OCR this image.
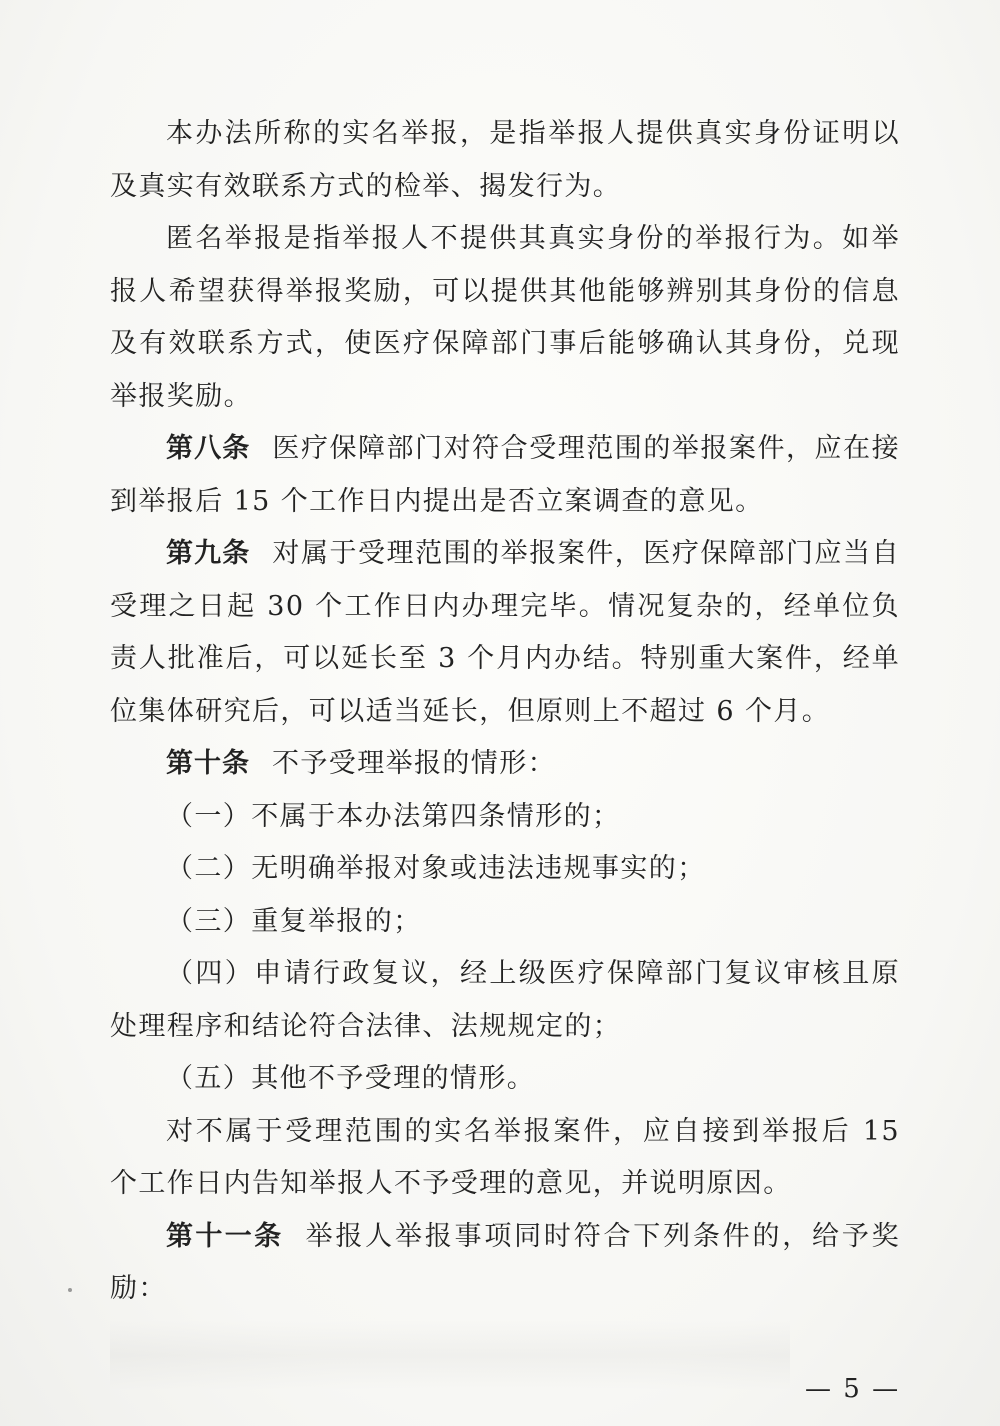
本办法所称的实名举报，是指举报人提供真实身份证明以及真实有效联系方式的检举、揭发行为。

匿名举报是指举报人不提供其真实身份的举报行为。如举报人希望获得举报奖励，可以提供其他能够辨别其身份的信息及有效联系方式，使医疗保障部门事后能够确认其身份，兑现举报奖励。

第八条 医疗保障部门对符合受理范围的举报案件，应在接到举报后 15 个工作日内提出是否立案调查的意见。

第九条 对属于受理范围的举报案件，医疗保障部门应当自受理之日起 30 个工作日内办理完毕。情况复杂的，经单位负责人批准后，可以延长至 3 个月内办结。特别重大案件，经单位集体研究后，可以适当延长，但原则上不超过 6 个月。

第十条 不予受理举报的情形：

（一）不属于本办法第四条情形的；

（二）无明确举报对象或违法违规事实的；

（三）重复举报的；

（四）申请行政复议，经上级医疗保障部门复议审核且原处理程序和结论符合法律、法规规定的；

（五）其他不予受理的情形。

对不属于受理范围的实名举报案件，应自接到举报后 15 个工作日内告知举报人不予受理的意见，并说明原因。

第十一条 举报人举报事项同时符合下列条件的，给予奖励：

— 5 —
